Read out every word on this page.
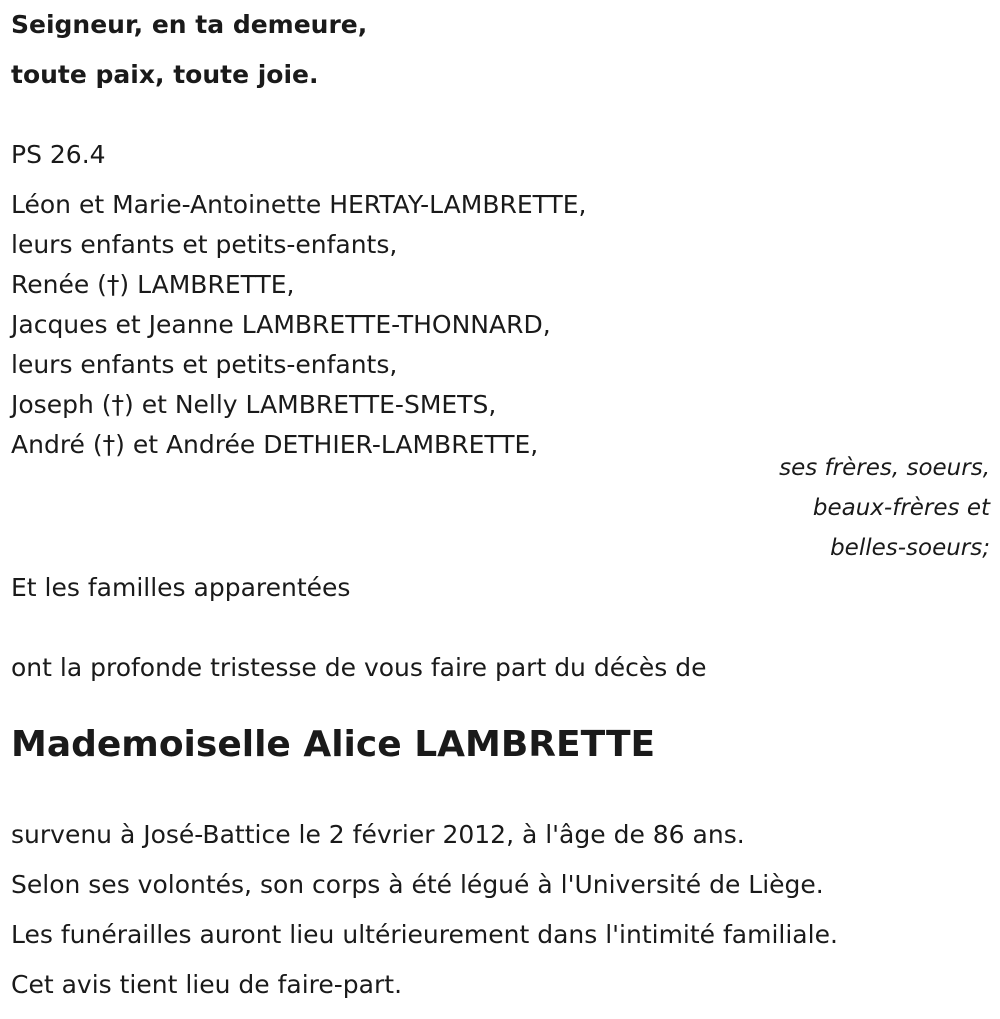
Seigneur, en ta demeure,
toute paix, toute joie.
PS 26.4
Léon et Marie-Antoinette HERTAY-LAMBRETTE,
leurs enfants et petits-enfants,
Renée (†) LAMBRETTE,
Jacques et Jeanne LAMBRETTE-THONNARD,
leurs enfants et petits-enfants,
Joseph (†) et Nelly LAMBRETTE-SMETS,
André (†) et Andrée DETHIER-LAMBRETTE,
ses frères, soeurs,
beaux-frères et
belles-soeurs;
Et les familles apparentées
ont la profonde tristesse de vous faire part du décès de
Mademoiselle Alice LAMBRETTE
survenu à José-Battice le 2 février 2012, à l'âge de 86 ans.
Selon ses volontés, son corps à été légué à l'Université de Liège.
Les funérailles auront lieu ultérieurement dans l'intimité familiale.
Cet avis tient lieu de faire-part.
